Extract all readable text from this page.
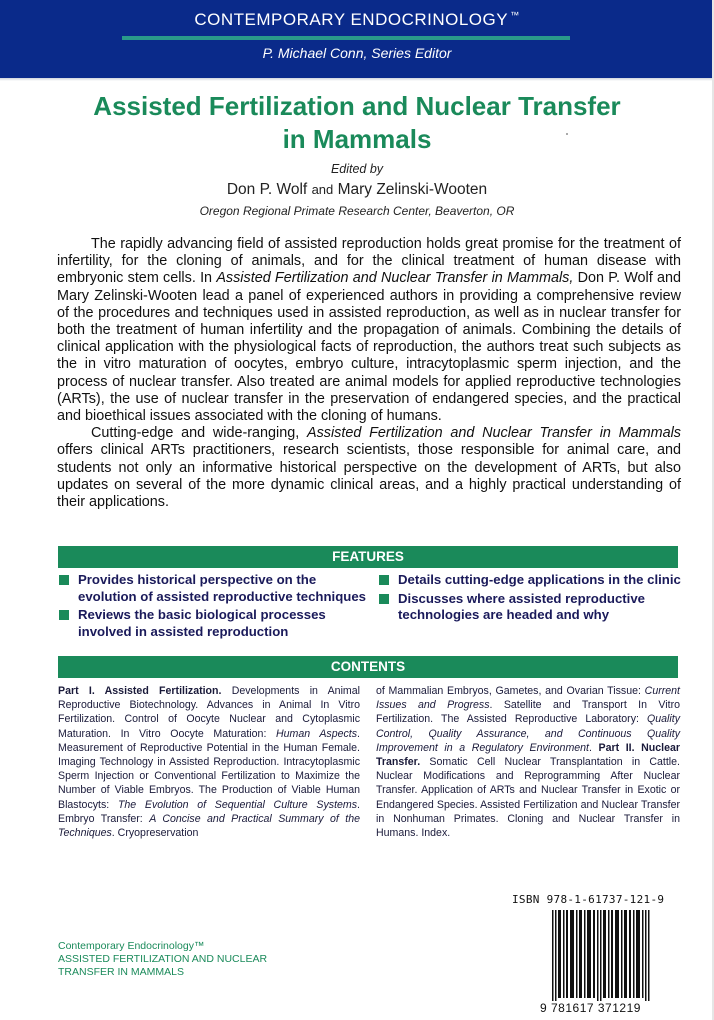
CONTEMPORARY ENDOCRINOLOGY ™
P. Michael Conn, Series Editor
Assisted Fertilization and Nuclear Transfer
in Mammals
Edited by
Don P. Wolf and Mary Zelinski-Wooten
Oregon Regional Primate Research Center, Beaverton, OR

The rapidly advancing field of assisted reproduction holds great promise for the treatment of infertility, for the cloning of animals, and for the clinical treatment of human disease with embryonic stem cells. In Assisted Fertilization and Nuclear Transfer in Mammals, Don P. Wolf and Mary Zelinski-Wooten lead a panel of experienced authors in providing a comprehensive review of the procedures and techniques used in assisted reproduction, as well as in nuclear transfer for both the treatment of human infertility and the propagation of animals. Combining the details of clinical application with the physiological facts of reproduction, the authors treat such subjects as the in vitro maturation of oocytes, embryo culture, intracytoplasmic sperm injection, and the process of nuclear transfer. Also treated are animal models for applied reproductive technologies (ARTs), the use of nuclear transfer in the preservation of endangered species, and the practical and bioethical issues associated with the cloning of humans.

Cutting-edge and wide-ranging, Assisted Fertilization and Nuclear Transfer in Mammals offers clinical ARTs practitioners, research scientists, those responsible for animal care, and students not only an informative historical perspective on the development of ARTs, but also updates on several of the more dynamic clinical areas, and a highly practical understanding of their applications.

FEATURES
Provides historical perspective on the evolution of assisted reproductive techniques
Reviews the basic biological processes involved in assisted reproduction
Details cutting-edge applications in the clinic
Discusses where assisted reproductive technologies are headed and why
CONTENTS
Part I. Assisted Fertilization. Developments in Animal Reproductive Biotechnology. Advances in Animal In Vitro Fertilization. Control of Oocyte Nuclear and Cytoplasmic Maturation. In Vitro Oocyte Maturation: Human Aspects. Measurement of Reproductive Potential in the Human Female. Imaging Technology in Assisted Reproduction. Intracytoplasmic Sperm Injection or Conventional Fertilization to Maximize the Number of Viable Embryos. The Production of Viable Human Blastocyts: The Evolution of Sequential Culture Systems. Embryo Transfer: A Concise and Practical Summary of the Techniques. Cryopreservation
of Mammalian Embryos, Gametes, and Ovarian Tissue: Current Issues and Progress. Satellite and Transport In Vitro Fertilization. The Assisted Reproductive Laboratory: Quality Control, Quality Assurance, and Continuous Quality Improvement in a Regulatory Environment. Part II. Nuclear Transfer. Somatic Cell Nuclear Transplantation in Cattle. Nuclear Modifications and Reprogramming After Nuclear Transfer. Application of ARTs and Nuclear Transfer in Exotic or Endangered Species. Assisted Fertilization and Nuclear Transfer in Nonhuman Primates. Cloning and Nuclear Transfer in Humans. Index.
Contemporary Endocrinology™
ASSISTED FERTILIZATION AND NUCLEAR
TRANSFER IN MAMMALS
ISBN 978-1-61737-121-9
9 781617 371219
